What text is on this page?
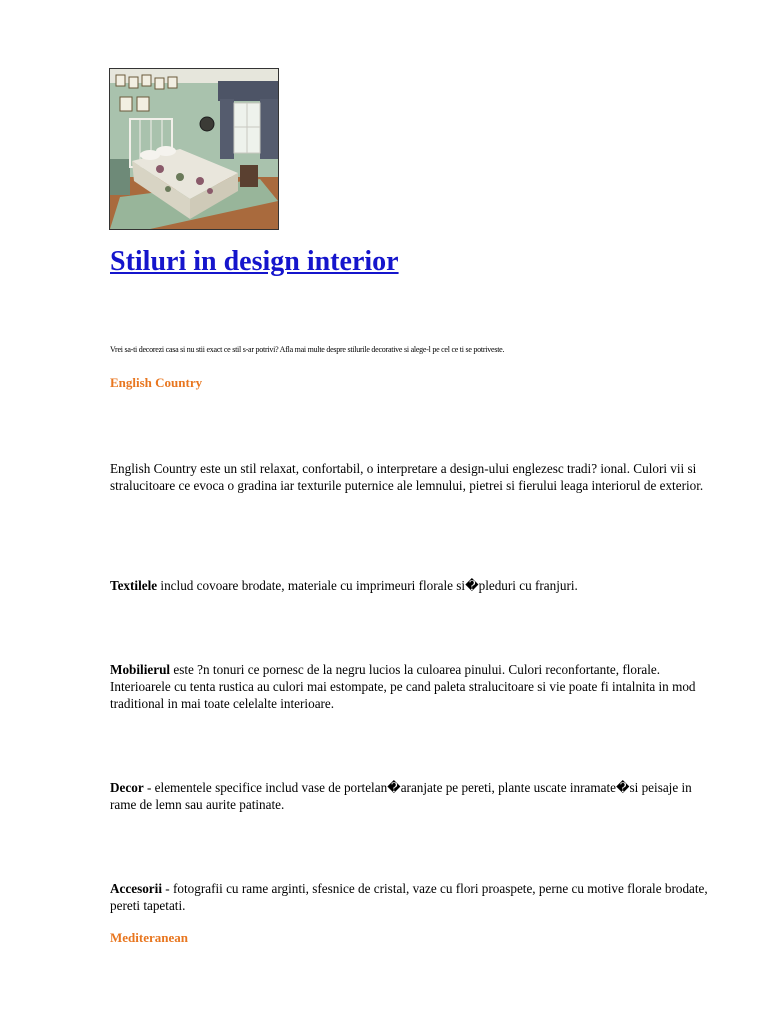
Stiluri in design interior

Vrei sa-ti decorezi casa si nu stii exact ce stil s-ar potrivi? Afla mai multe despre stilurile decorative si alege-l pe cel ce ti se potriveste.

English Country

English Country este un stil relaxat, confortabil, o interpretare a design-ului englezesc tradi? ional. Culori vii si stralucitoare ce evoca o gradina iar texturile puternice ale lemnului, pietrei si fierului leaga interiorul de exterior.

Textilele includ covoare brodate, materiale cu imprimeuri florale si�pleduri cu franjuri.

Mobilierul este ?n tonuri ce pornesc de la negru lucios la culoarea pinului. Culori reconfortante, florale. Interioarele cu tenta rustica au culori mai estompate, pe cand paleta stralucitoare si vie poate fi intalnita in mod traditional in mai toate celelalte interioare.

Decor - elementele specifice includ vase de portelan�aranjate pe pereti, plante uscate inramate�si peisaje in rame de lemn sau aurite patinate.

Accesorii - fotografii cu rame arginti, sfesnice de cristal, vaze cu flori proaspete, perne cu motive florale brodate, pereti tapetati.

Mediteranean
